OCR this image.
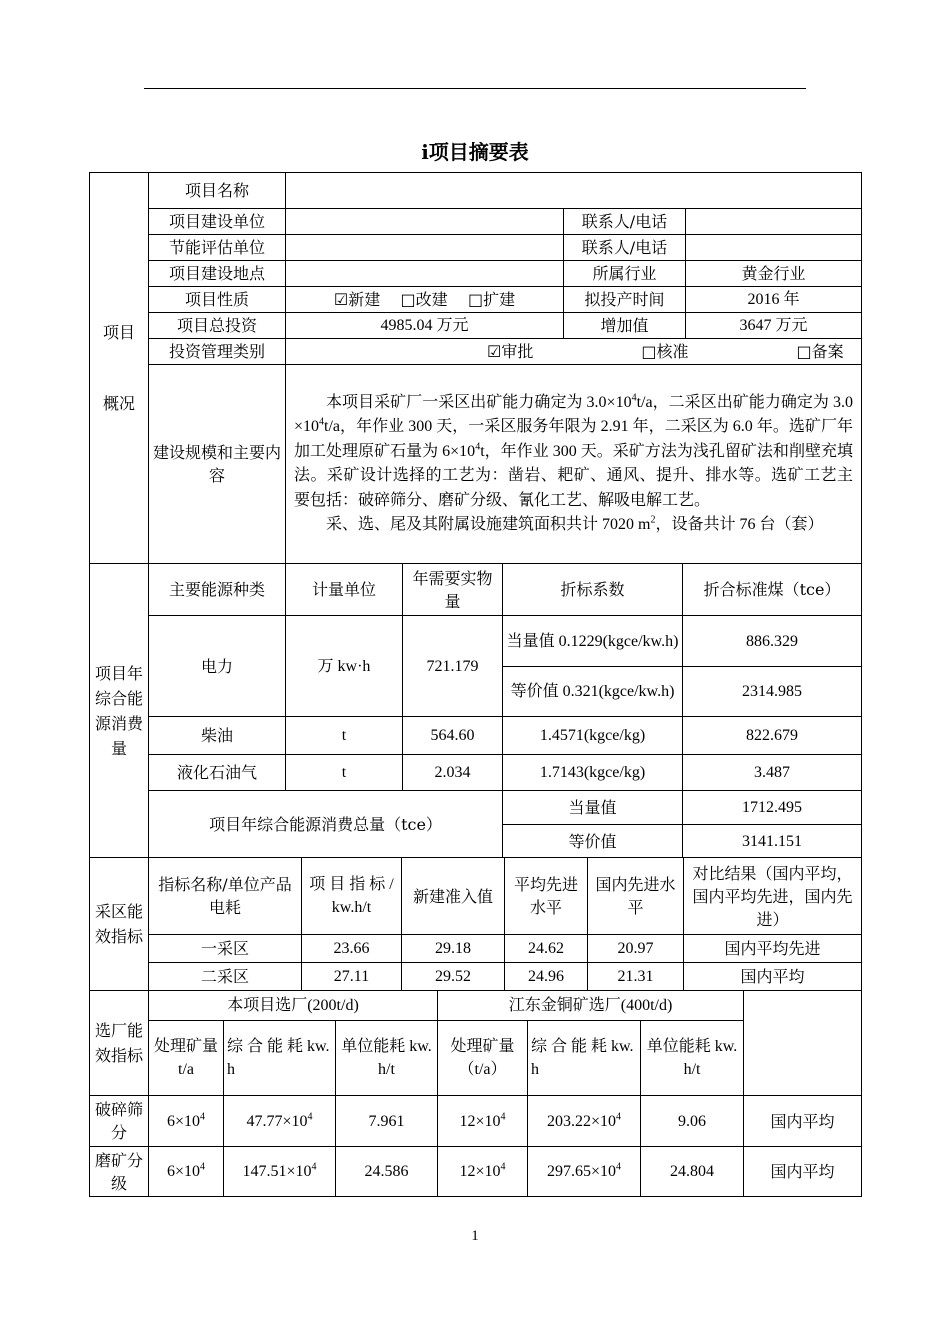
i项目摘要表
项目
概况	项目名称			
	项目建设单位		联系人/电话	
	节能评估单位		联系人/电话	
	项目建设地点		所属行业	黄金行业
	项目性质	☑新建 □改建 □扩建	拟投产时间	2016 年
	项目总投资	4985.04 万元	增加值	3647 万元
	投资管理类别	☑审批 □核准 □备案		
	建设规模和主要内容	本项目采矿厂一采区出矿能力确定为 $3.0\times 10^4t/a$，二采区出矿能力确定为 $3.0\times 10^4t/a$，年作业 300 天，一采区服务年限为 2.91 年，二采区为 6.0 年。选矿厂年加工处理原矿石量为 $6\times 10^4t$，年作业 300 天。采矿方法为浅孔留矿法和削壁充填法。采矿设计选择的工艺为：凿岩、耙矿、通风、提升、排水等。选矿工艺主要包括：破碎筛分、磨矿分级、氰化工艺、解吸电解工艺。

采、选、尾及其附属设施建筑面积共计 7020 $m^2$，设备共计 76 台（套）		

项目年综合能源消费量	主要能源种类	计量单位	年需要实物量	折标系数	折合标准煤（tce）
	电力	万 kw·h	721.179	当量值 0.1229(kgce/kw.h)	886.329
				等价值 0.321(kgce/kw.h)	2314.985
	柴油	t	564.60	1.4571(kgce/kg)	822.679
	液化石油气	t	2.034	1.7143(kgce/kg)	3.487
	项目年综合能源消费总量（tce）			当量值	1712.495
				等价值	3141.151
采区能效指标	指标名称/单位产品电耗	项 目 指 标 / kw.h/t	新建准入值	平均先进水平	国内先进水平	对比结果（国内平均，国内平均先进，国内先进）
	一采区	23.66	29.18	24.62	20.97	国内平均先进
	二采区	27.11	29.52	24.96	21.31	国内平均
选厂能效指标	本项目选厂(200t/d)			江东金铜矿选厂(400t/d)			
	处理矿量 t/a	综 合 能 耗 kw.h	单位能耗 kw.h/t	处理矿量（t/a）	综 合 能 耗 kw.h	单位能耗 kw.h/t	
破碎筛分	$6\times 10^4$	$47.77\times 10^4$	7.961	$12\times 10^4$	$203.22\times 10^4$	9.06	国内平均
磨矿分级	$6\times 10^4$	$147.51\times 10^4$	24.586	$12\times 10^4$	$297.65\times 10^4$	24.804	国内平均
1
